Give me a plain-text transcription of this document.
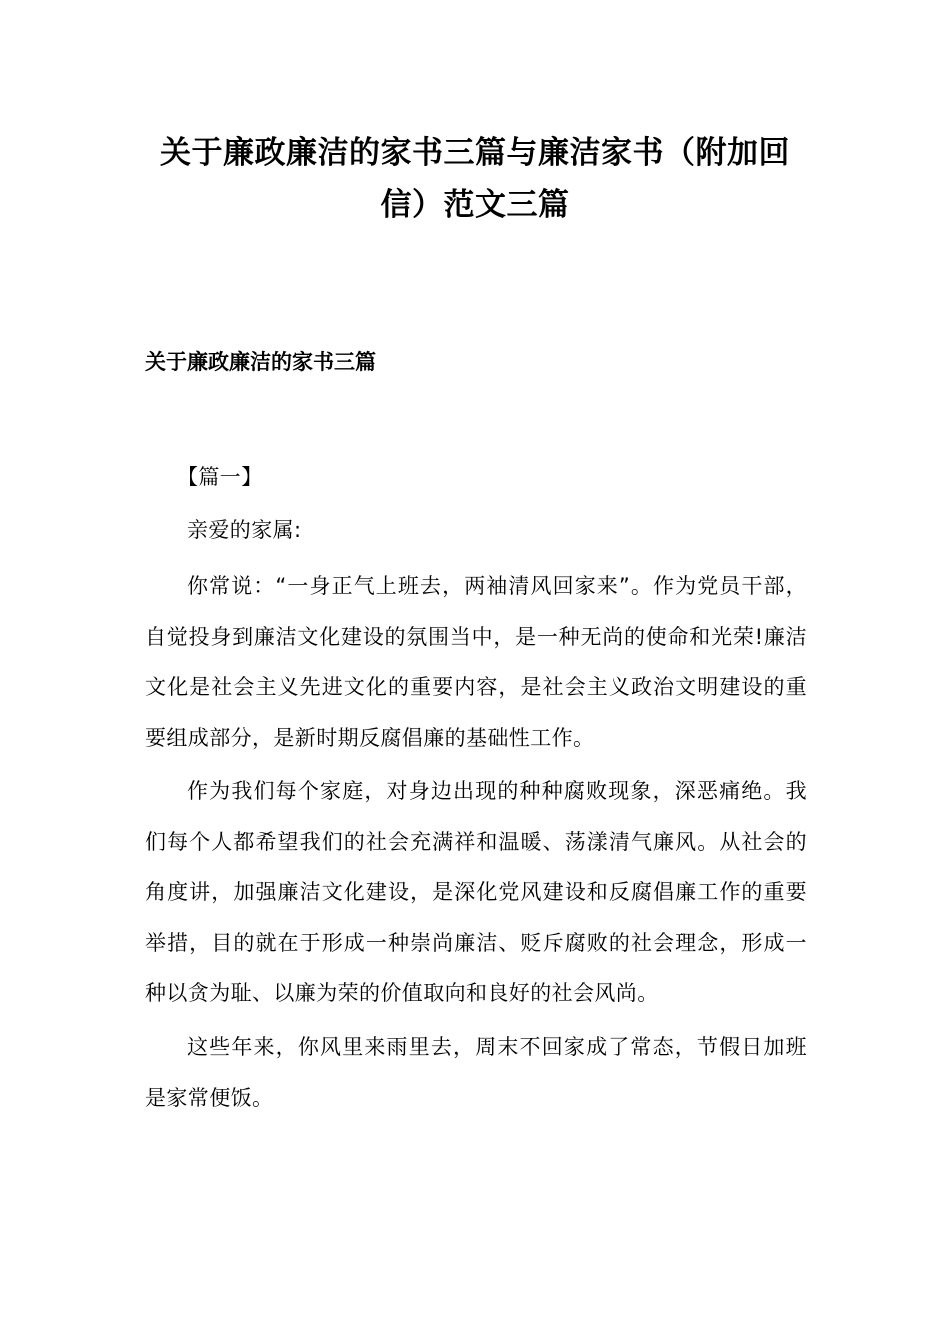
关于廉政廉洁的家书三篇与廉洁家书（附加回信）范文三篇
关于廉政廉洁的家书三篇

【篇一】

亲爱的家属:

你常说：“一身正气上班去，两袖清风回家来”。作为党员干部，自觉投身到廉洁文化建设的氛围当中，是一种无尚的使命和光荣!廉洁文化是社会主义先进文化的重要内容，是社会主义政治文明建设的重要组成部分，是新时期反腐倡廉的基础性工作。

作为我们每个家庭，对身边出现的种种腐败现象，深恶痛绝。我们每个人都希望我们的社会充满祥和温暖、荡漾清气廉风。从社会的角度讲，加强廉洁文化建设，是深化党风建设和反腐倡廉工作的重要举措，目的就在于形成一种崇尚廉洁、贬斥腐败的社会理念，形成一种以贪为耻、以廉为荣的价值取向和良好的社会风尚。

这些年来，你风里来雨里去，周末不回家成了常态，节假日加班是家常便饭。
